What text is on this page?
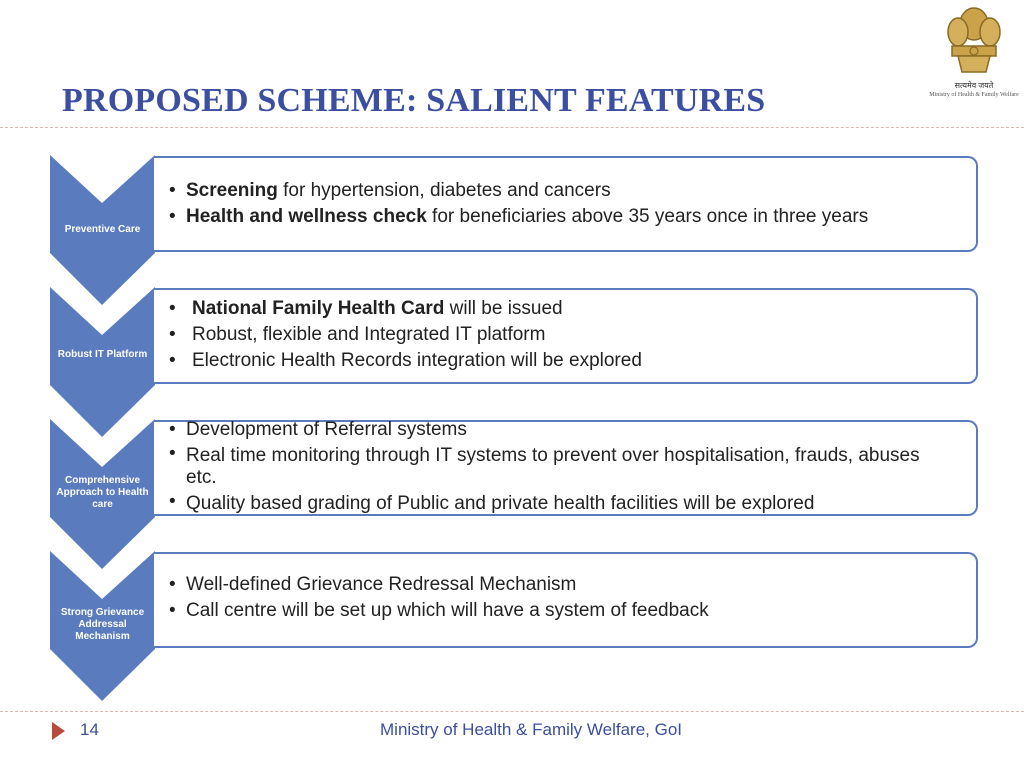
PROPOSED SCHEME: SALIENT FEATURES	सत्यमेव जयते
Ministry of Health & Family Welfare
Preventive Care
• Screening for hypertension, diabetes and cancers
• Health and wellness check for beneficiaries above 35 years once in three years
Robust IT Platform
• National Family Health Card will be issued
• Robust, flexible and Integrated IT platform
• Electronic Health Records integration will be explored
Comprehensive Approach to Health care
• Development of Referral systems
• Real time monitoring through IT systems to prevent over hospitalisation, frauds, abuses etc.
• Quality based grading of Public and private health facilities will be explored
Strong Grievance Addressal Mechanism
• Well-defined Grievance Redressal Mechanism
• Call centre will be set up which will have a system of feedback
14	Ministry of Health & Family Welfare, GoI
